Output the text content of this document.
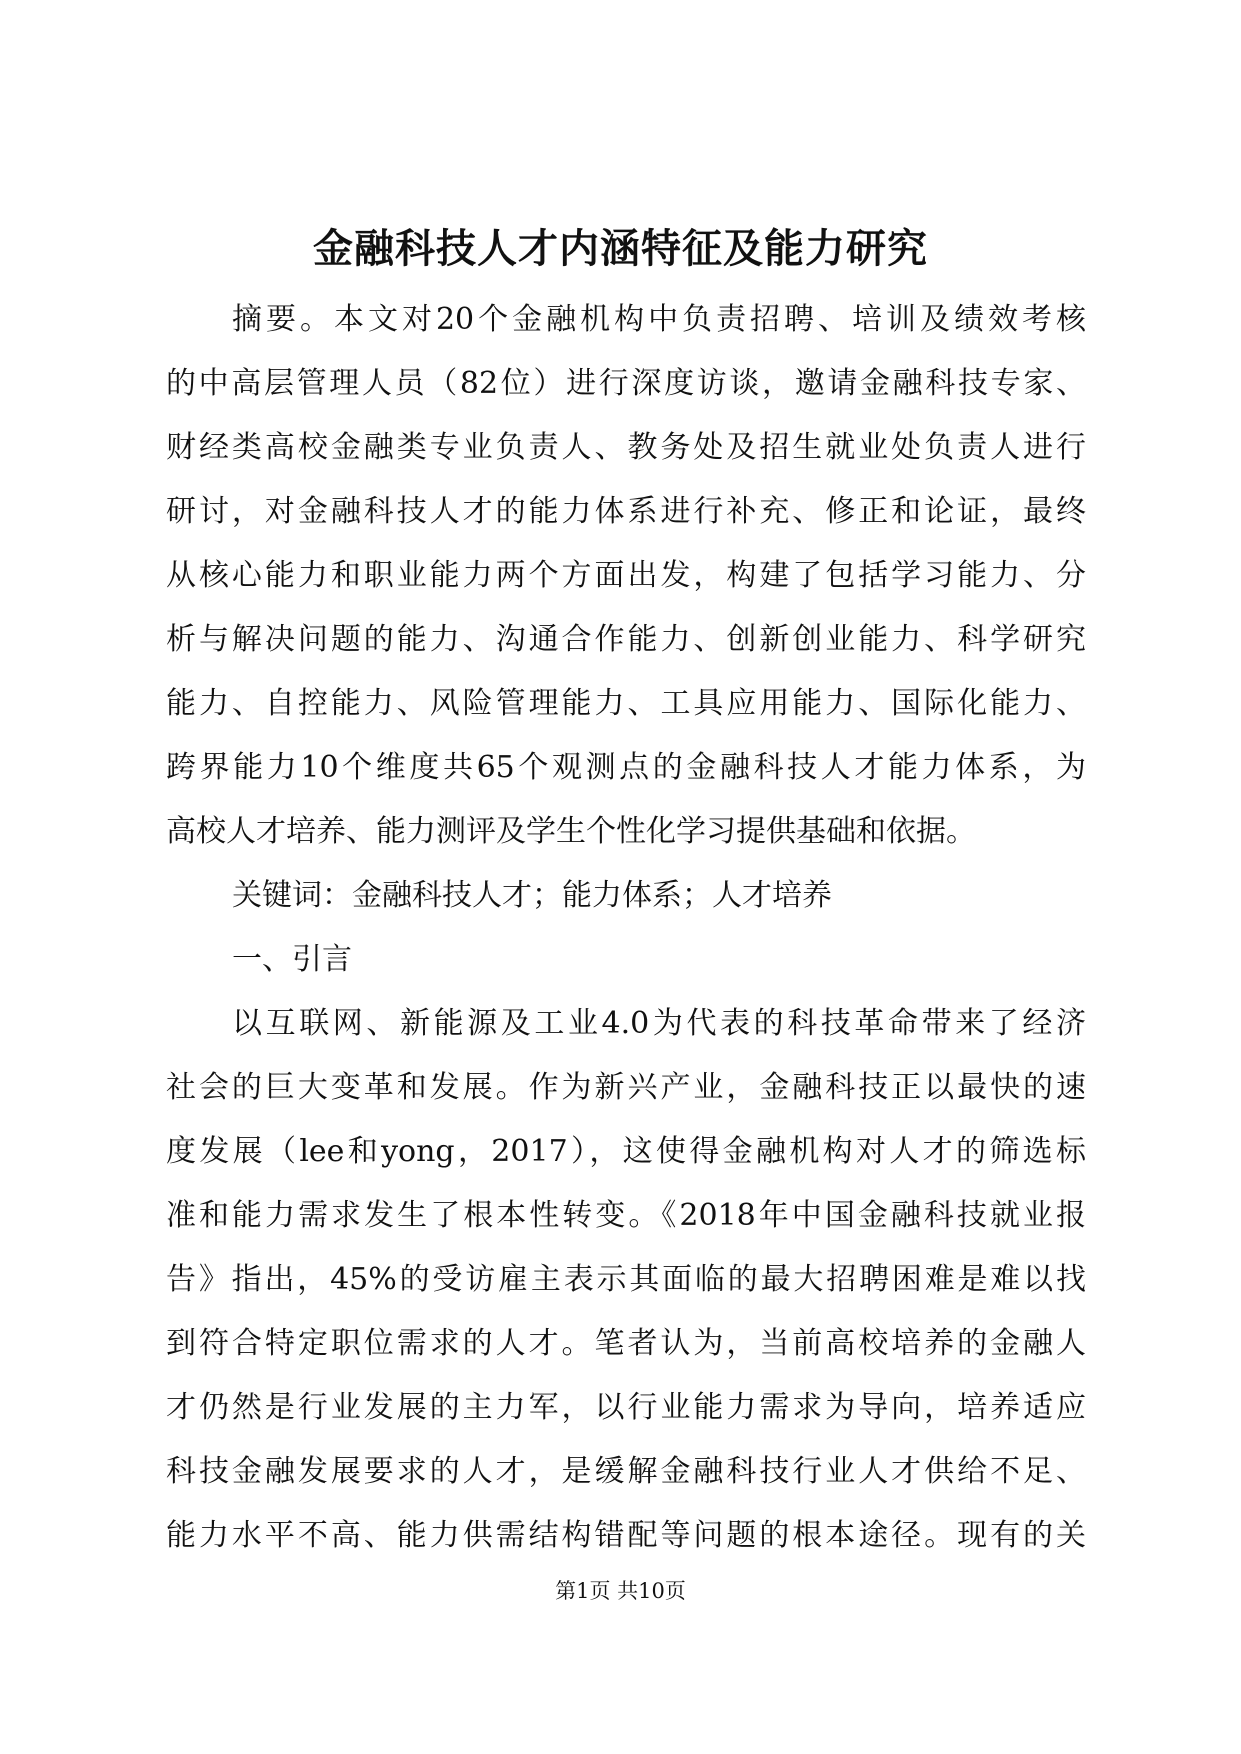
金融科技人才内涵特征及能力研究
摘要。本文对20个金融机构中负责招聘、培训及绩效考核
的中高层管理人员（82位）进行深度访谈，邀请金融科技专家、
财经类高校金融类专业负责人、教务处及招生就业处负责人进行
研讨，对金融科技人才的能力体系进行补充、修正和论证，最终
从核心能力和职业能力两个方面出发，构建了包括学习能力、分
析与解决问题的能力、沟通合作能力、创新创业能力、科学研究
能力、自控能力、风险管理能力、工具应用能力、国际化能力、
跨界能力10个维度共65个观测点的金融科技人才能力体系，为
高校人才培养、能力测评及学生个性化学习提供基础和依据。
关键词：金融科技人才；能力体系；人才培养
一、引言
以互联网、新能源及工业4.0为代表的科技革命带来了经济
社会的巨大变革和发展。作为新兴产业，金融科技正以最快的速
度发展（lee和yong，2017），这使得金融机构对人才的筛选标
准和能力需求发生了根本性转变。《2018年中国金融科技就业报
告》指出，45%的受访雇主表示其面临的最大招聘困难是难以找
到符合特定职位需求的人才。笔者认为，当前高校培养的金融人
才仍然是行业发展的主力军，以行业能力需求为导向，培养适应
科技金融发展要求的人才，是缓解金融科技行业人才供给不足、
能力水平不高、能力供需结构错配等问题的根本途径。现有的关
第1页 共10页
